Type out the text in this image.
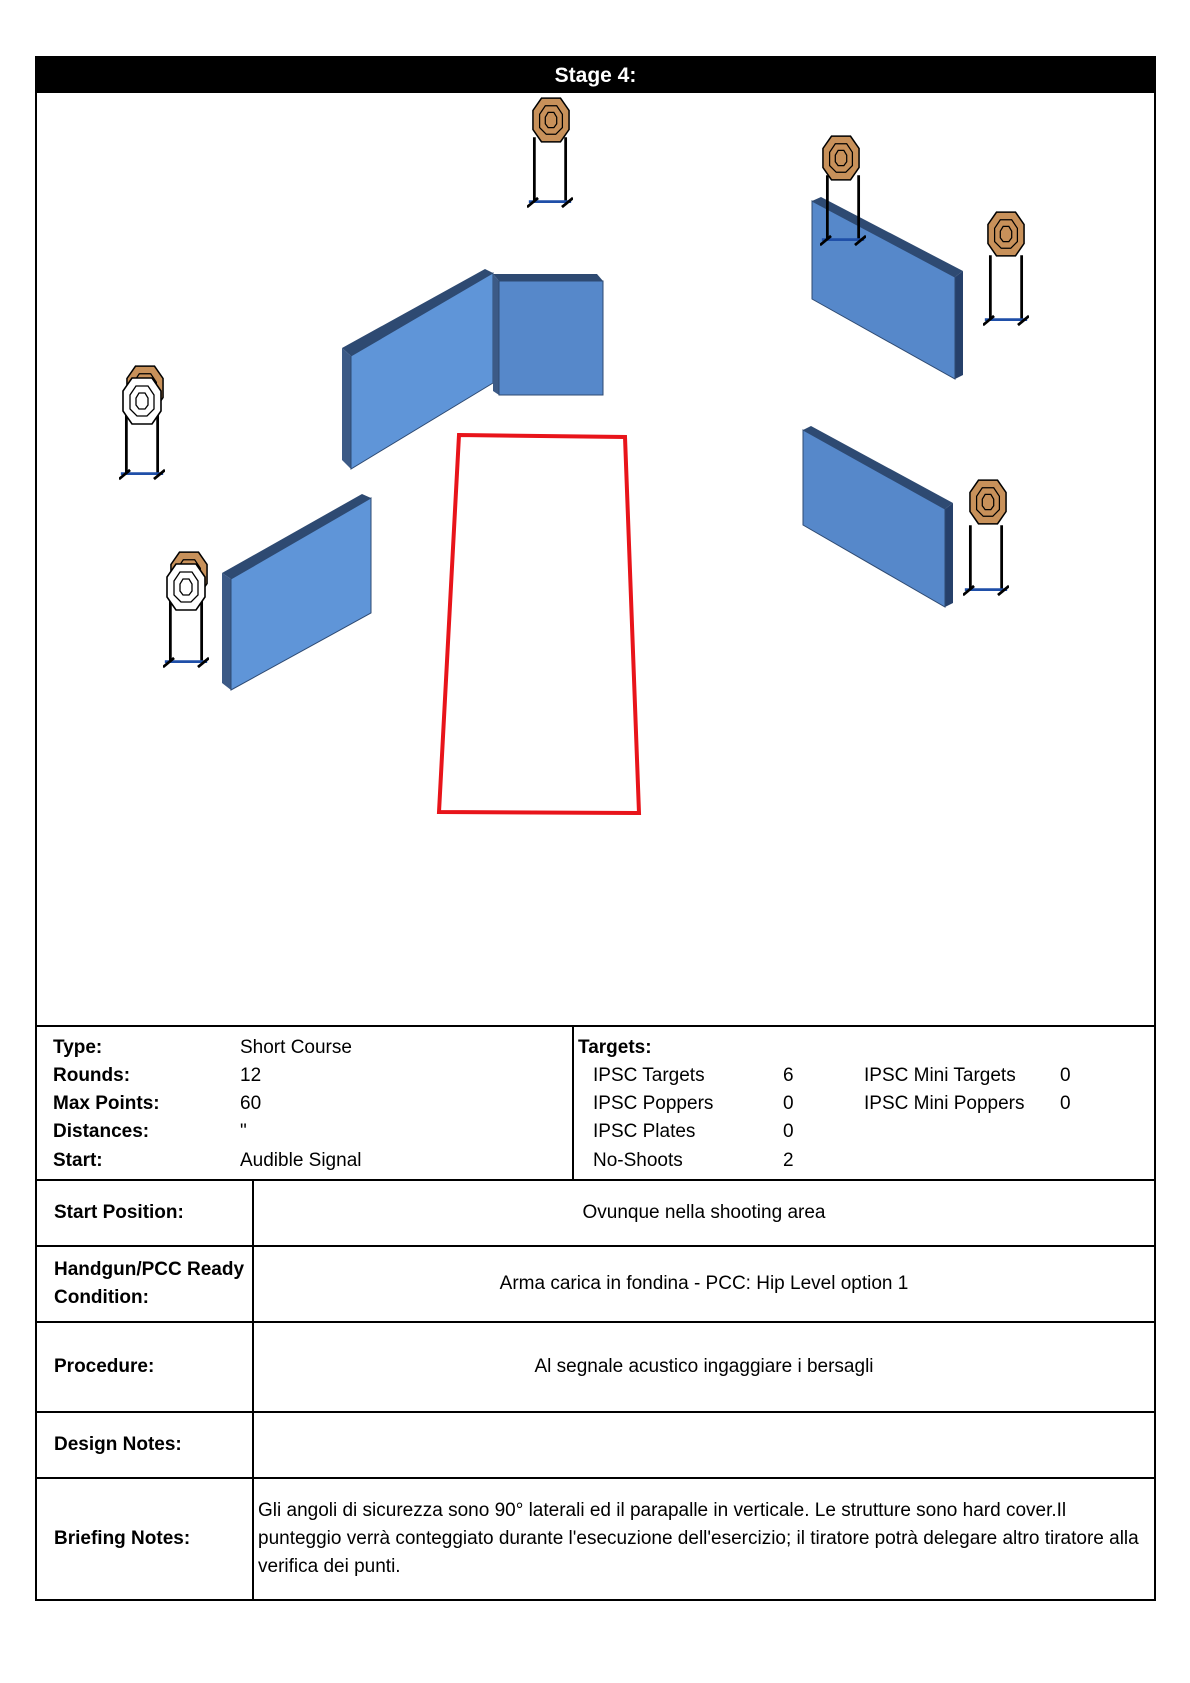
Stage 4:
Type:	Short Course
Rounds:	12
Max Points:	60
Distances:	"
Start:	Audible Signal
Targets:
IPSC Targets	6
IPSC Poppers	0
IPSC Plates	0
No-Shoots	2
IPSC Mini Targets 0
IPSC Mini Poppers 0
Start Position:	Ovunque nella shooting area
Handgun/PCC Ready Condition:
Arma carica in fondina - PCC: Hip Level option 1
Procedure:	Al segnale acustico ingaggiare i bersagli
Design Notes:
Briefing Notes:
Gli angoli di sicurezza sono 90° laterali ed il parapalle in verticale. Le strutture sono hard cover.Il punteggio verrà conteggiato durante l'esecuzione dell'esercizio; il tiratore potrà delegare altro tiratore alla verifica dei punti.
